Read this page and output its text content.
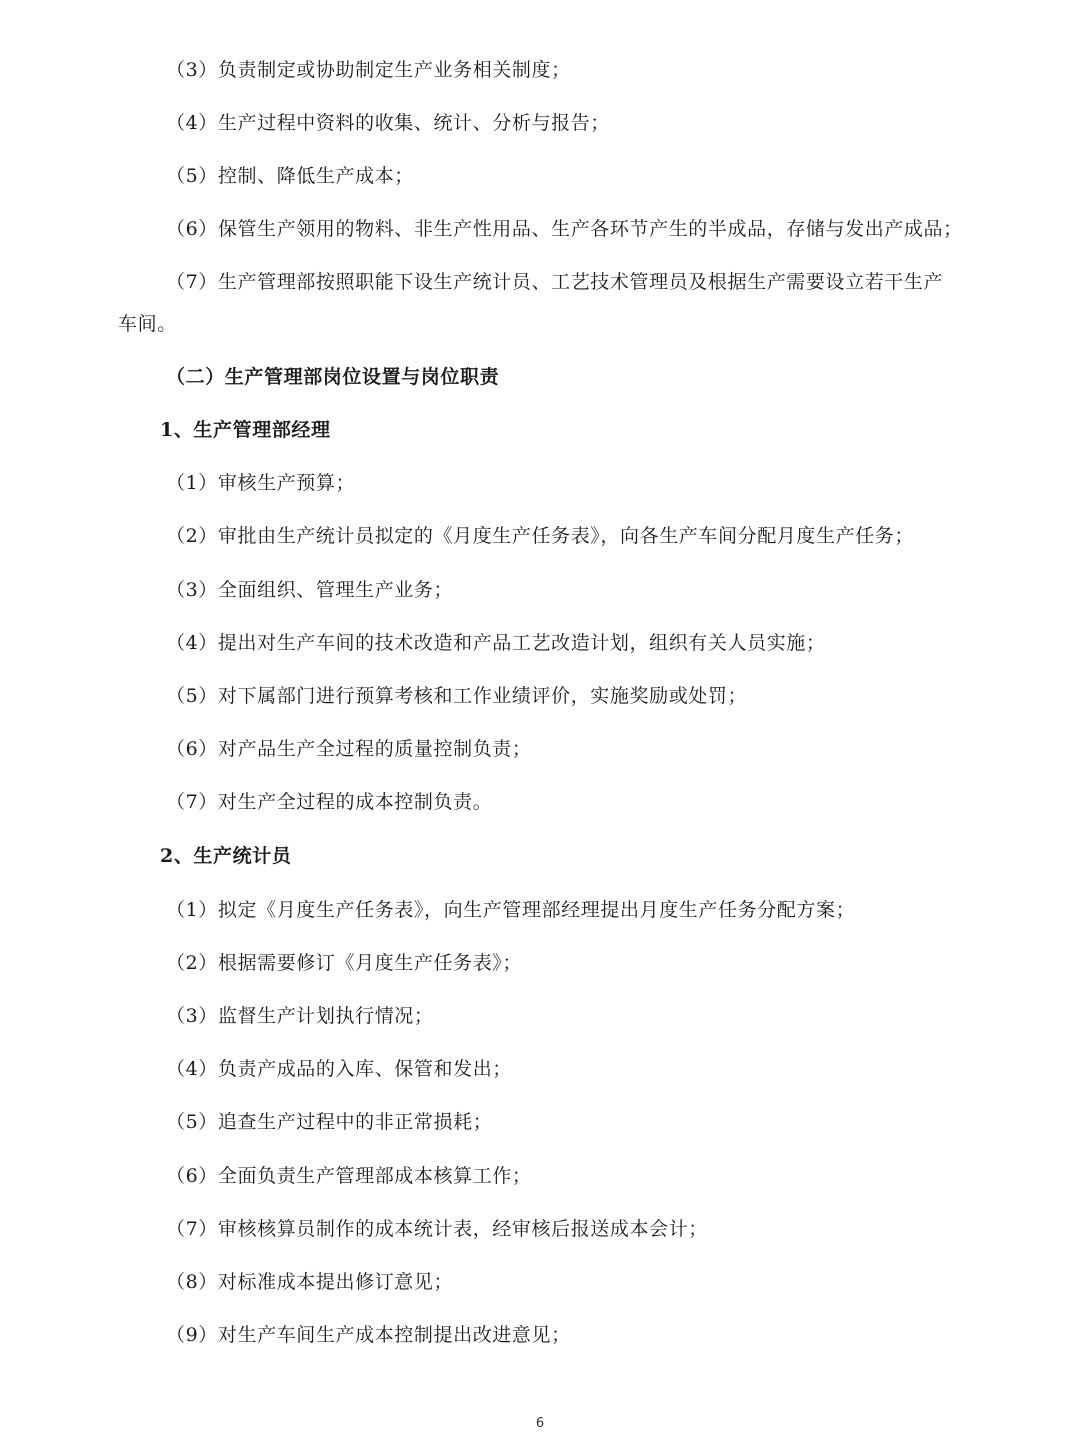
（3）负责制定或协助制定生产业务相关制度；
（4）生产过程中资料的收集、统计、分析与报告；
（5）控制、降低生产成本；
（6）保管生产领用的物料、非生产性用品、生产各环节产生的半成品，存储与发出产成品；
（7）生产管理部按照职能下设生产统计员、工艺技术管理员及根据生产需要设立若干生产
车间。
（二）生产管理部岗位设置与岗位职责
1、生产管理部经理
（1）审核生产预算；
（2）审批由生产统计员拟定的《月度生产任务表》，向各生产车间分配月度生产任务；
（3）全面组织、管理生产业务；
（4）提出对生产车间的技术改造和产品工艺改造计划，组织有关人员实施；
（5）对下属部门进行预算考核和工作业绩评价，实施奖励或处罚；
（6）对产品生产全过程的质量控制负责；
（7）对生产全过程的成本控制负责。
2、生产统计员
（1）拟定《月度生产任务表》，向生产管理部经理提出月度生产任务分配方案；
（2）根据需要修订《月度生产任务表》；
（3）监督生产计划执行情况；
（4）负责产成品的入库、保管和发出；
（5）追查生产过程中的非正常损耗；
（6）全面负责生产管理部成本核算工作；
（7）审核核算员制作的成本统计表，经审核后报送成本会计；
（8）对标准成本提出修订意见；
（9）对生产车间生产成本控制提出改进意见；
6
